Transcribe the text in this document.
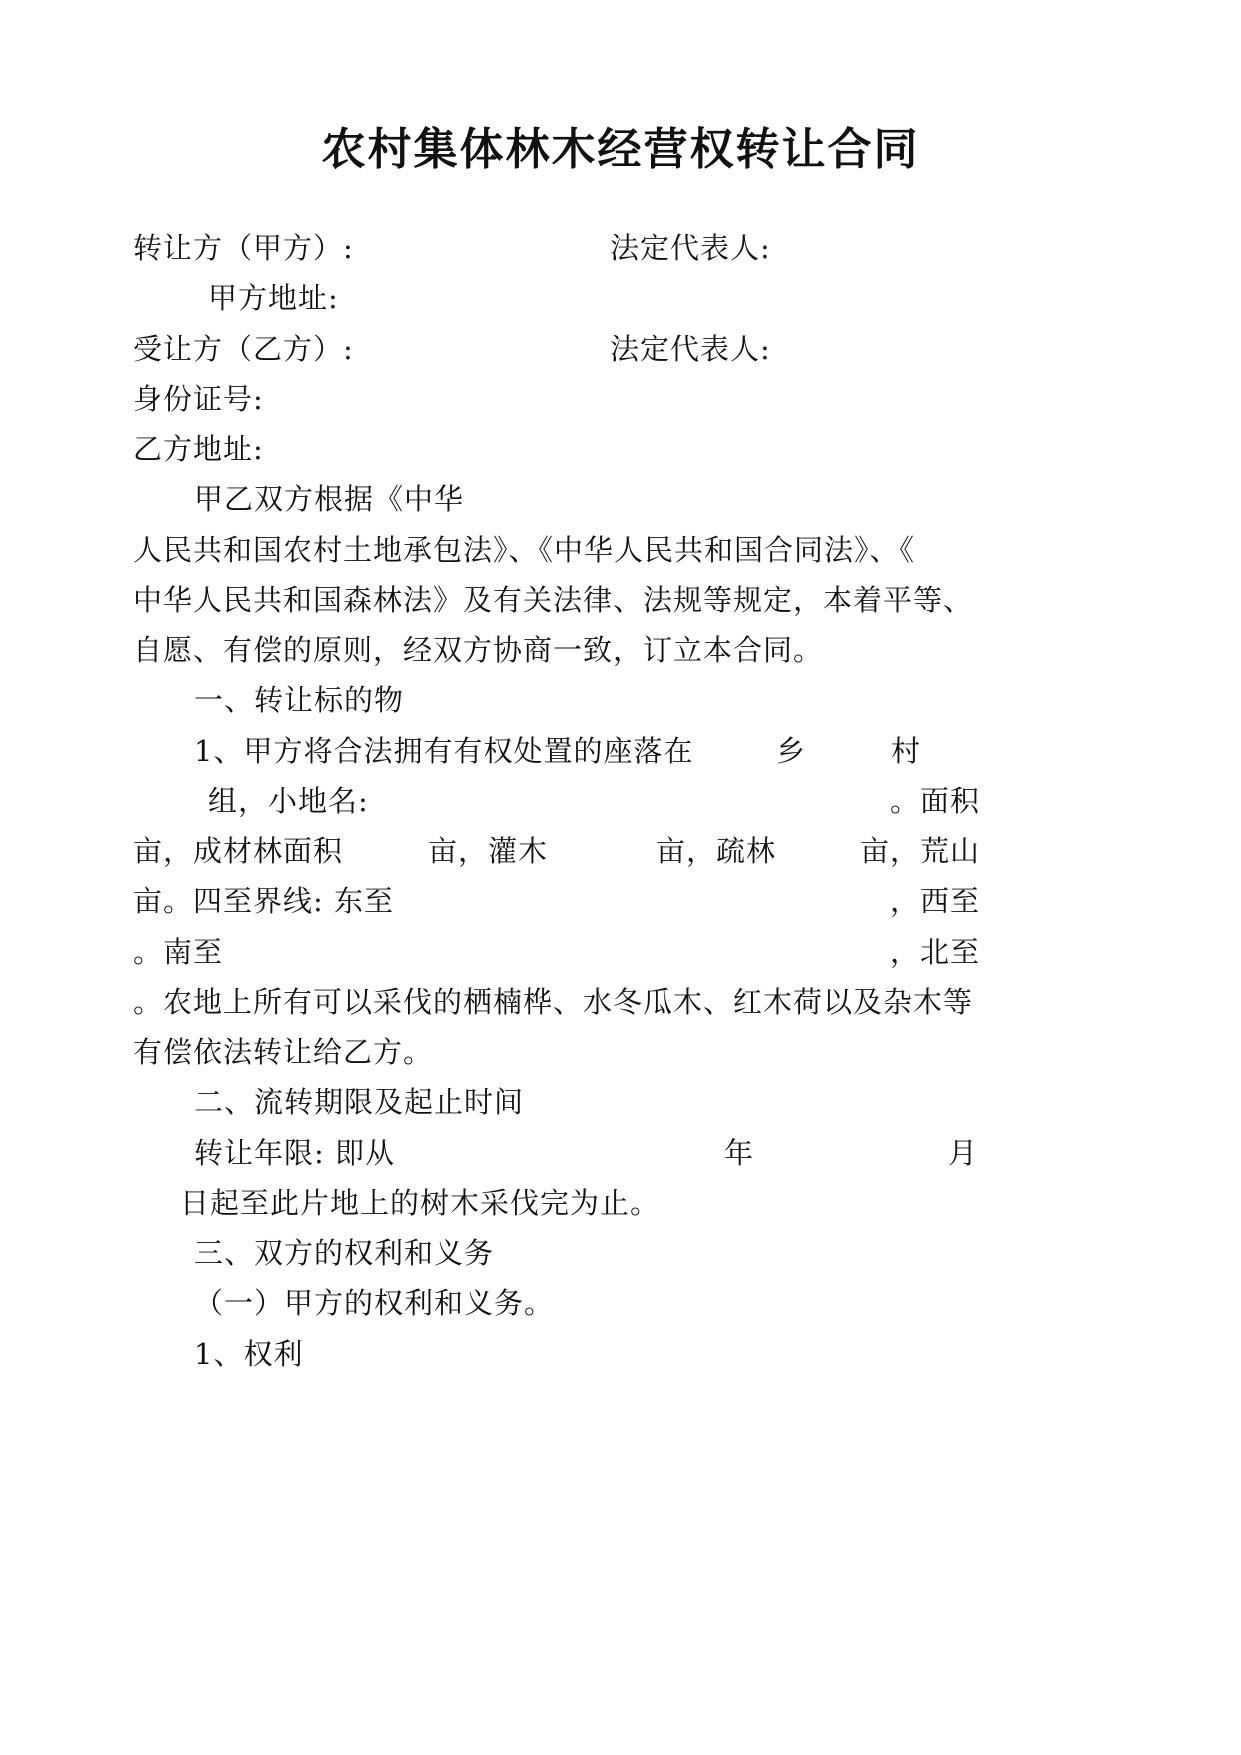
农村集体林木经营权转让合同
转让方（甲方）:	法定代表人:
甲方地址:
受让方（乙方）:	法定代表人:
身份证号:
乙方地址:
甲乙双方根据《中华
人民共和国农村土地承包法》、《中华人民共和国合同法》、《
中华人民共和国森林法》及有关法律、法规等规定，本着平等、
自愿、有偿的原则，经双方协商一致，订立本合同。
一、转让标的物
1、甲方将合法拥有有权处置的座落在	乡	村
组，小地名:	。面积
亩，成材林面积	亩，灌木	亩，疏林	亩，荒山
亩。四至界线: 东至	，西至
。南至	，北至
。农地上所有可以采伐的栖楠桦、水冬瓜木、红木荷以及杂木等
有偿依法转让给乙方。
二、流转期限及起止时间
转让年限: 即从	年	月
日起至此片地上的树木采伐完为止。
三、双方的权利和义务
（一）甲方的权利和义务。
1、权利
